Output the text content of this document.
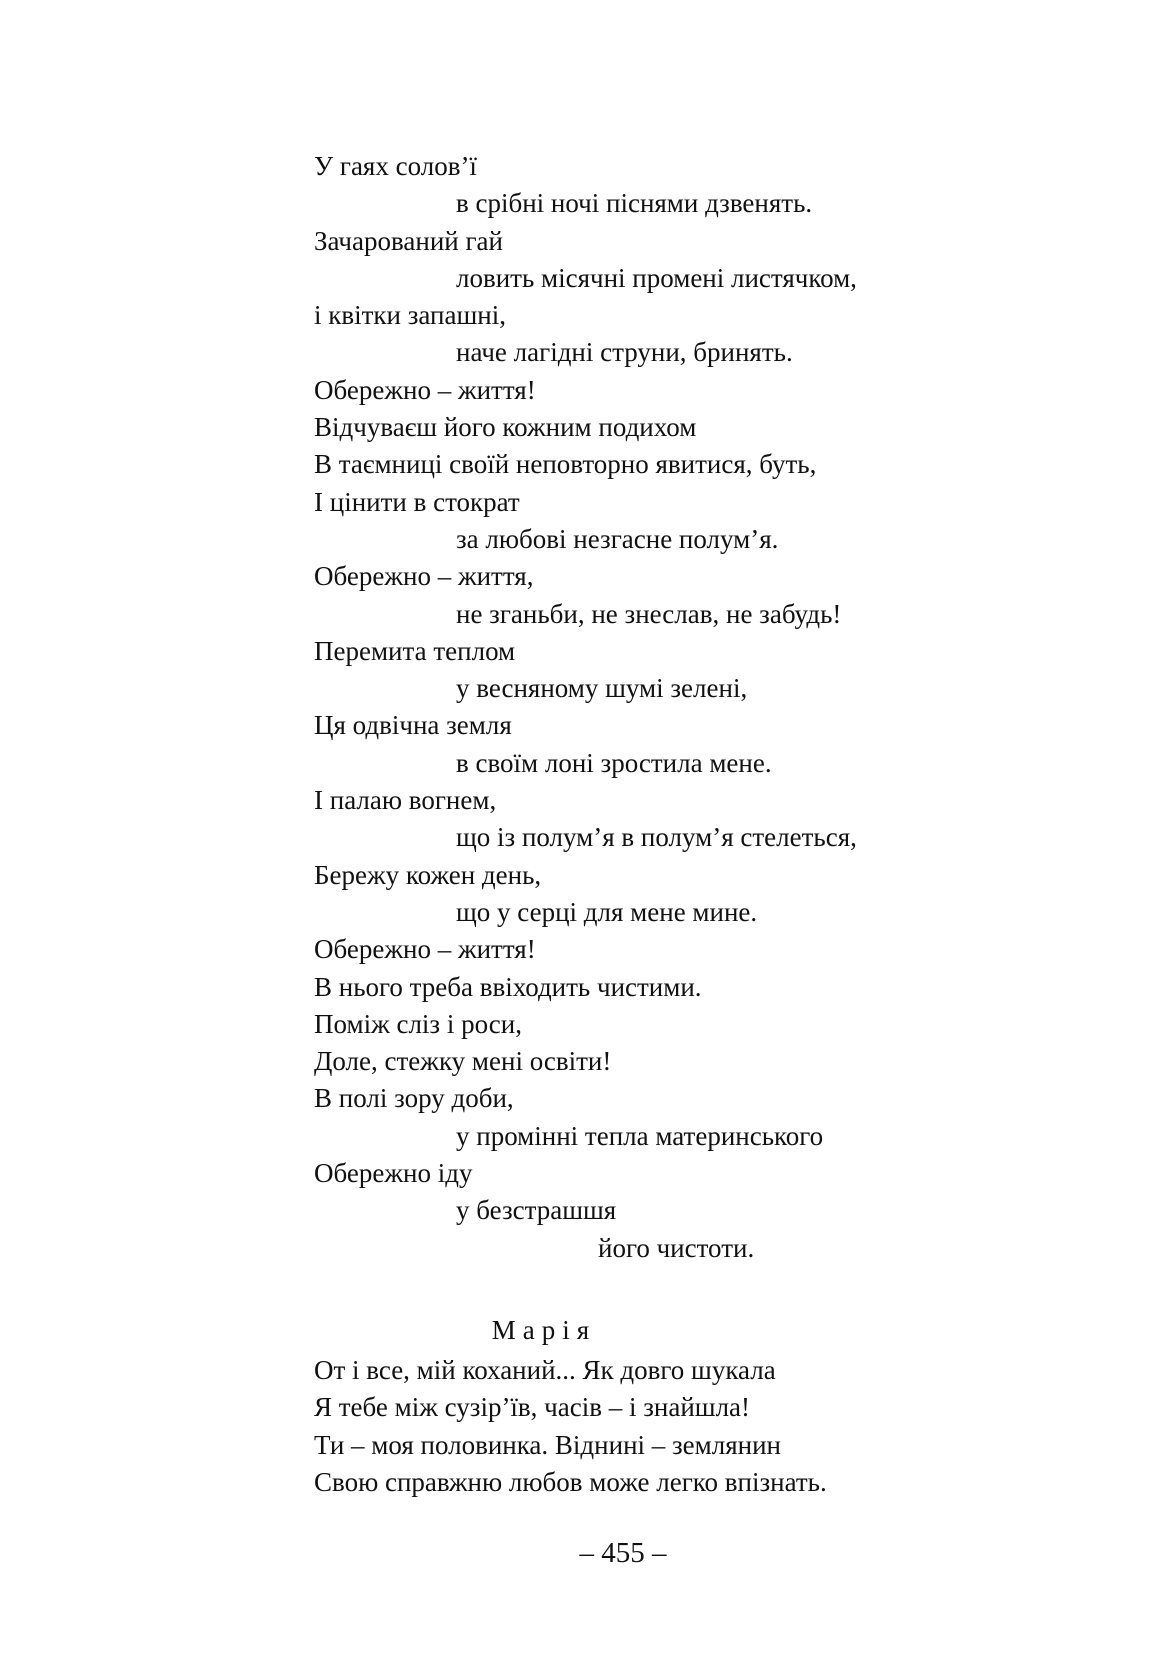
У гаях солов’ї
в срібні ночі піснями дзвенять.
Зачарований гай
ловить місячні промені листячком,
і квітки запашні,
наче лагідні струни, бринять.
Обережно – життя!
Відчуваєш його кожним подихом
В таємниці своїй неповторно явитися, буть,
І цінити в стократ
за любові незгасне полум’я.
Обережно – життя,
не зганьби, не знеслав, не забудь!
Перемита теплом
у весняному шумі зелені,
Ця одвічна земля
в своїм лоні зростила мене.
І палаю вогнем,
що із полум’я в полум’я стелеться,
Бережу кожен день,
що у серці для мене мине.
Обережно – життя!
В нього треба ввіходить чистими.
Поміж сліз і роси,
Доле, стежку мені освіти!
В полі зору доби,
у промінні тепла материнського
Обережно іду
у безстрашшя
його чистоти.
Марія
От і все, мій коханий... Як довго шукала
Я тебе між сузір’їв, часів – і знайшла!
Ти – моя половинка. Віднині – землянин
Свою справжню любов може легко впізнать.
– 455 –
